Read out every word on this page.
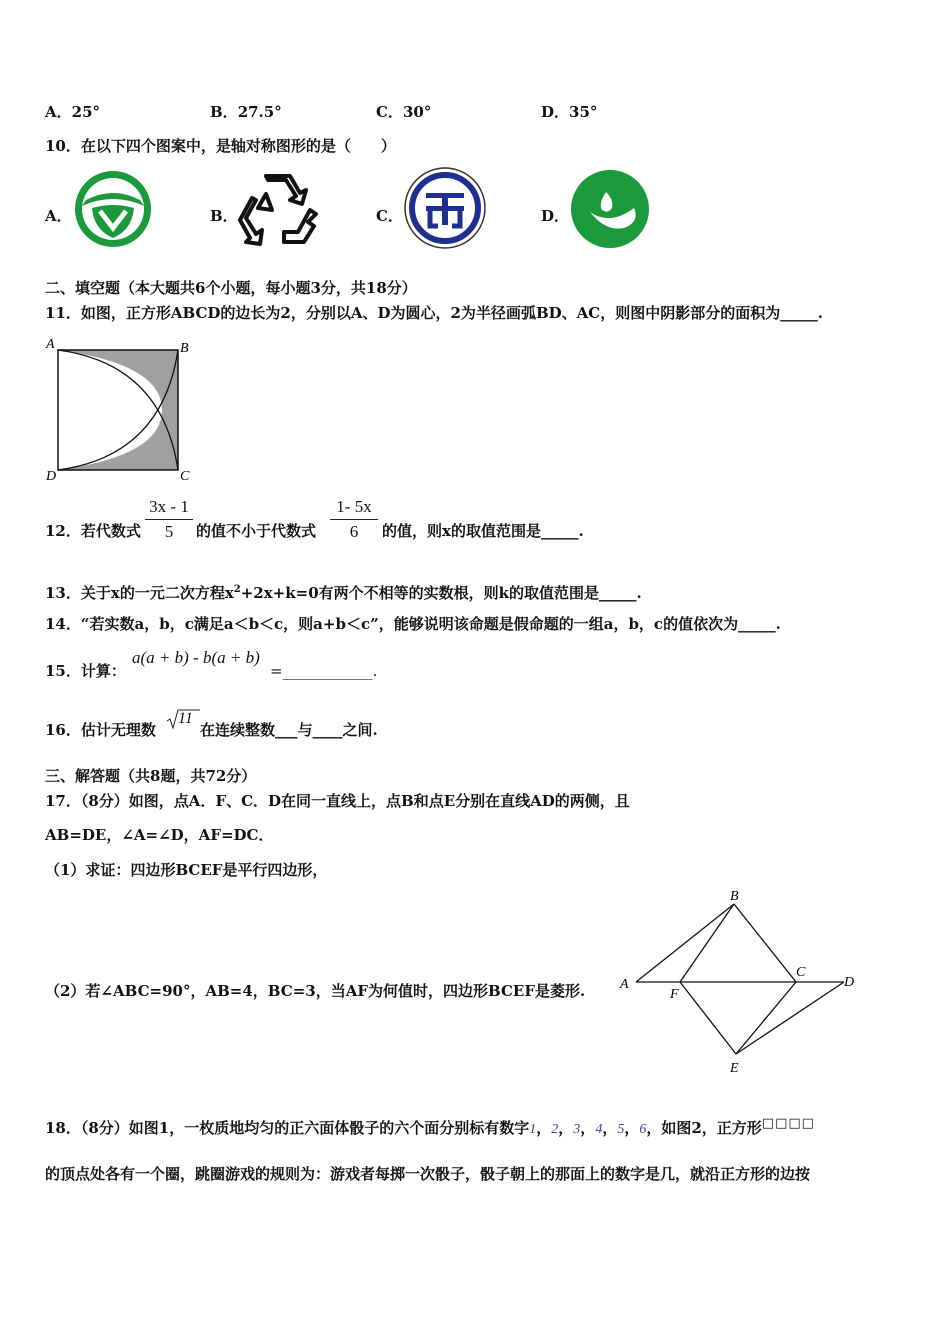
A．25°	B．27.5°	C．30°	D．35°
10．在以下四个图案中，是轴对称图形的是（　　）
A．	B．	C．	D．
二、填空题（本大题共6个小题，每小题3分，共18分）
11．如图，正方形ABCD的边长为2，分别以A、D为圆心，2为半径画弧BD、AC，则图中阴影部分的面积为_____.
A	B
C
D
12．若代数式
3x - 1
5	的值不小于代数式
1- 5x
6	的值，则x的取值范围是_____.
13．关于x的一元二次方程$x^2+2x+k=0$有两个不相等的实数根，则k的取值范围是_____.
14．“若实数a，b，c满足a＜b＜c，则a+b＜c”，能够说明该命题是假命题的一组a，b，c的值依次为_____.
15．计算：
a(a + b) - b(a + b)
=____________.
16．估计无理数
11
在连续整数___与____之间.
三、解答题（共8题，共72分）
17．（8分）如图，点A．F、C．D在同一直线上，点B和点E分别在直线AD的两侧，且
AB=DE，∠A=∠D，AF=DC．
（1）求证：四边形BCEF是平行四边形，
（2）若∠ABC=90°，AB=4，BC=3，当AF为何值时，四边形BCEF是菱形. A
B
C
D
E
F
18．（8分）如图1，一枚质地均匀的正六面体骰子的六个面分别标有数字1，2，3，4，5，6，如图2，正方形□□□□
的顶点处各有一个圈，跳圈游戏的规则为：游戏者每掷一次骰子，骰子朝上的那面上的数字是几，就沿正方形的边按
